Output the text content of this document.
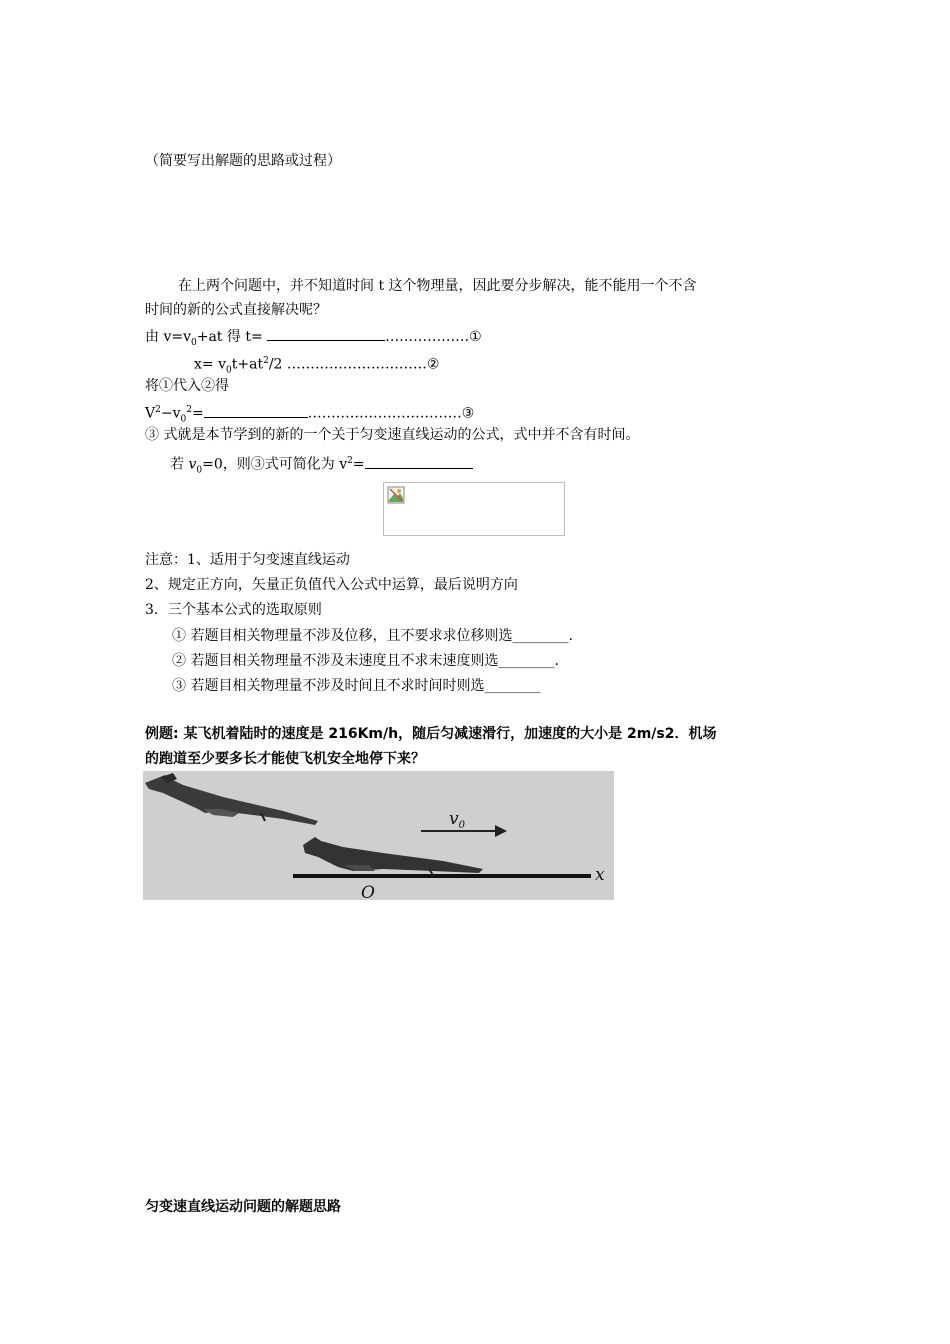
（简要写出解题的思路或过程）
在上两个问题中，并不知道时间 t 这个物理量，因此要分步解决，能不能用一个不含
时间的新的公式直接解决呢？
由 $v=v_0+at$ 得 t=	………………①
$x= v_0t+at^2/2$ …………………………②
将①代入②得
$V^2-v_0^2=$	……………………………③
③ 式就是本节学到的新的一个关于匀变速直线运动的公式，式中并不含有时间。
若 $v_0=0$，则③式可简化为 $v^2=$
注意：1、适用于匀变速直线运动
2、规定正方向，矢量正负值代入公式中运算，最后说明方向
3．三个基本公式的选取原则
① 若题目相关物理量不涉及位移，且不要求求位移则选________.
② 若题目相关物理量不涉及末速度且不求末速度则选________.
③ 若题目相关物理量不涉及时间且不求时间时则选________
例题: 某飞机着陆时的速度是 216Km/h，随后匀减速滑行，加速度的大小是 2m/s2．机场
的跑道至少要多长才能使飞机安全地停下来？
$v_0$
x
O
匀变速直线运动问题的解题思路
